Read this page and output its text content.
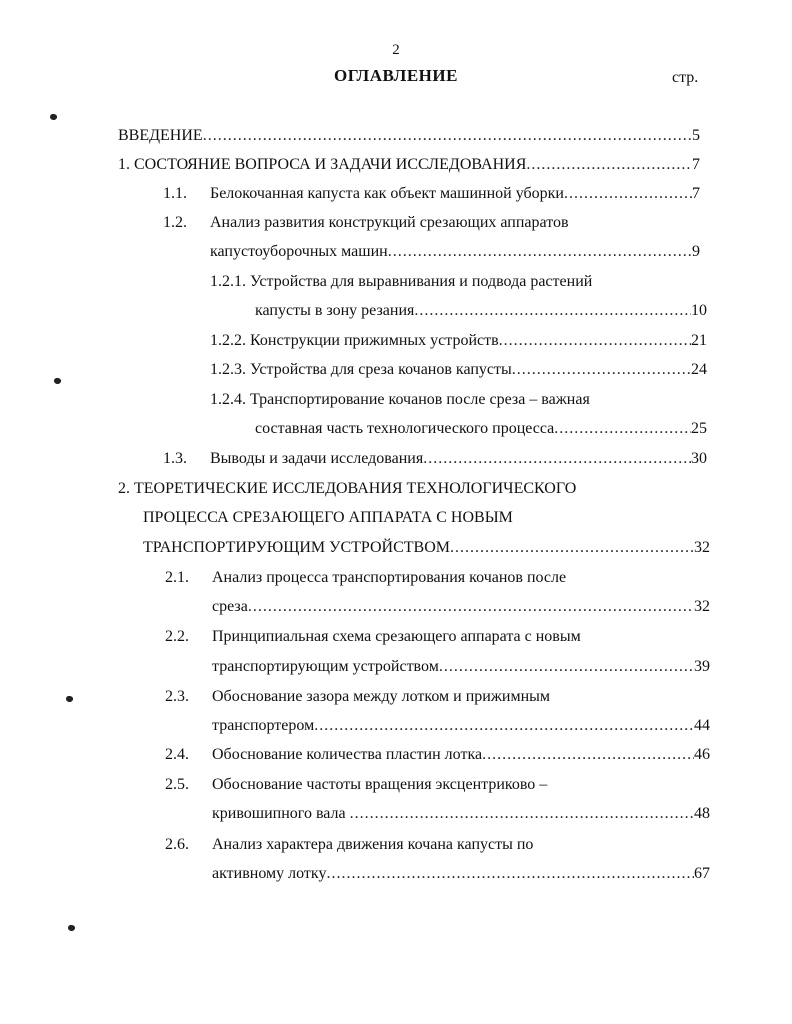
2
ОГЛАВЛЕНИЕ	стр.
ВВЕДЕНИЕ .....	5
1. СОСТОЯНИЕ ВОПРОСА И ЗАДАЧИ ИССЛЕДОВАНИЯ .....	7
1.1. Белокочанная капуста как объект машинной уборки .....	7
1.2. Анализ развития конструкций срезающих аппаратов
капустоуборочных машин .....	9
1.2.1. Устройства для выравнивания и подвода растений
капусты в зону резания .....	10
1.2.2. Конструкции прижимных устройств .....	21
1.2.3. Устройства для среза кочанов капусты .....	24
1.2.4. Транспортирование кочанов после среза – важная
составная часть технологического процесса .....	25
1.3. Выводы и задачи исследования .....	30
2. ТЕОРЕТИЧЕСКИЕ ИССЛЕДОВАНИЯ ТЕХНОЛОГИЧЕСКОГО
ПРОЦЕССА СРЕЗАЮЩЕГО АППАРАТА С НОВЫМ
ТРАНСПОРТИРУЮЩИМ УСТРОЙСТВОМ .....	32
2.1. Анализ процесса транспортирования кочанов после
среза .....	32
2.2. Принципиальная схема срезающего аппарата с новым
транспортирующим устройством .....	39
2.3. Обоснование зазора между лотком и прижимным
транспортером .....	44
2.4. Обоснование количества пластин лотка .....	46
2.5. Обоснование частоты вращения эксцентриково –
кривошипного вала .....	48
2.6. Анализ характера движения кочана капусты по
активному лотку .....	67
